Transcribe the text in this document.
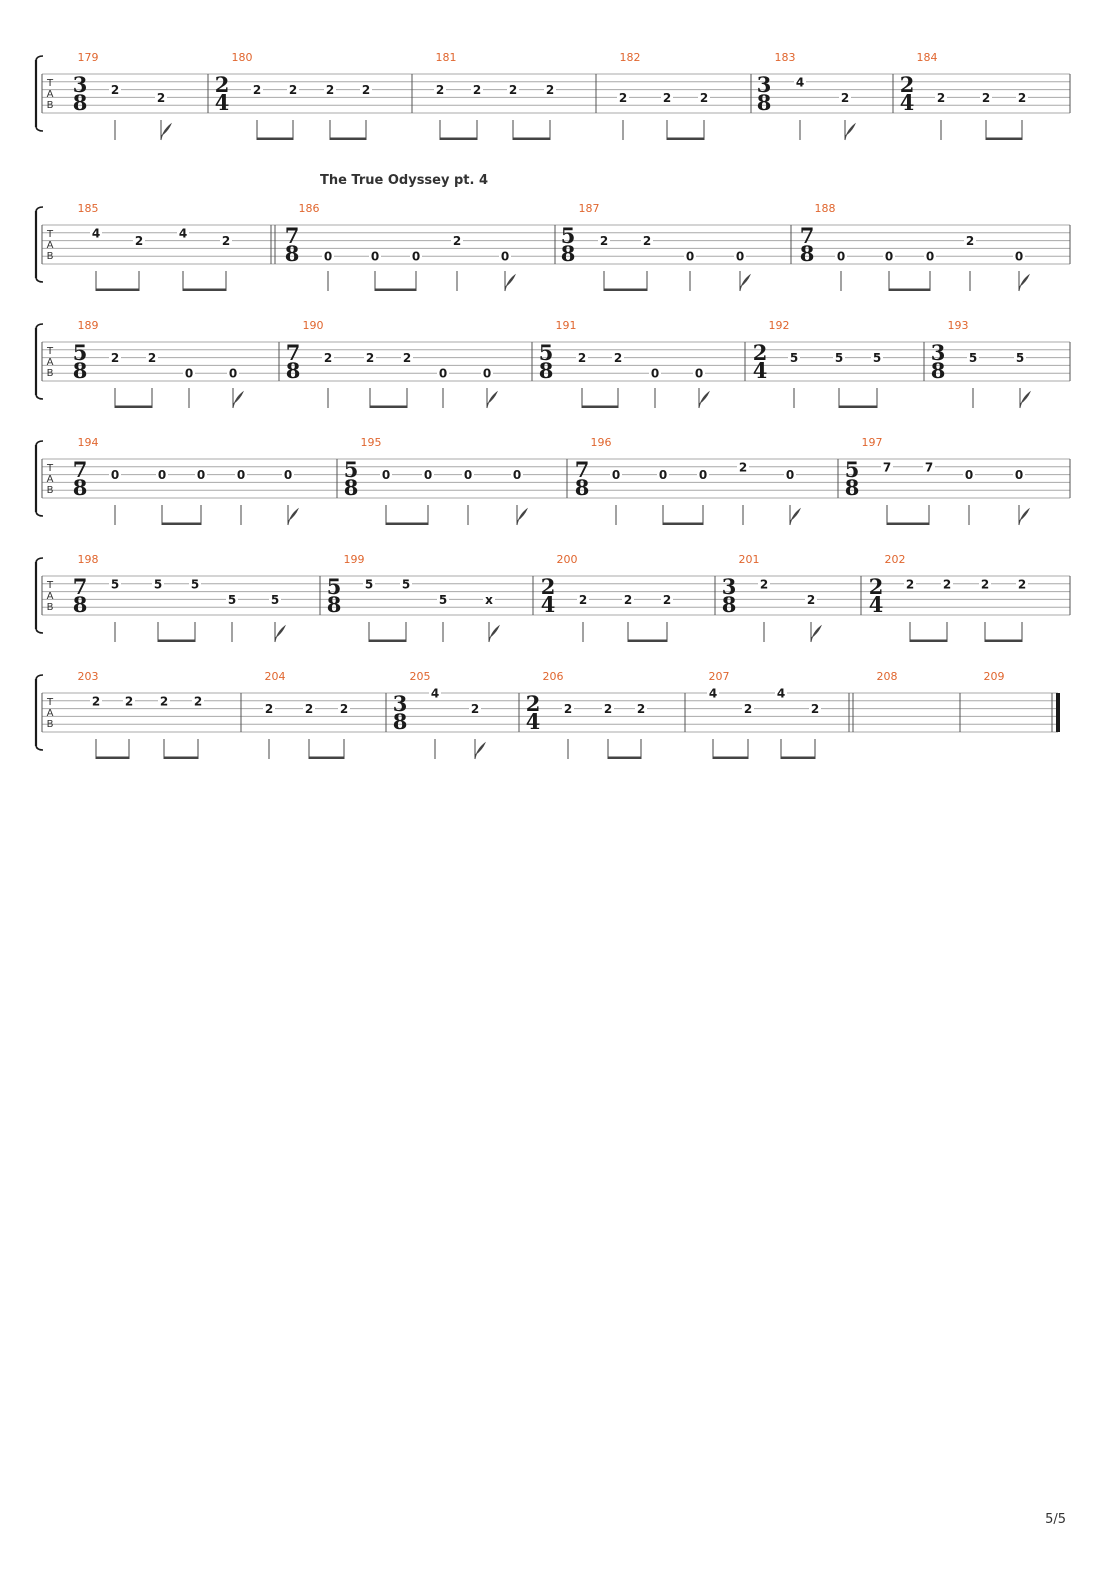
5/5
T
A
B
179
3
8 2
2
180
2
4 2 2 2 2
181
2 2 2 2
182
2	2 2
183
3
8
4
2
184
2
4 2	2 2
T
A
B
The True Odyssey pt. 4
185
4
2
4
2
186
7
8 0	0	0
2
0
187
5
8 2	2
0	0
188
7
8 0	0	0
2
0
T
A
B
189
5
8 2 2
0	0
190
7
8 2	2 2
0	0
191
5
8 2 2
0	0
192
2
4 5	5 5
193
3
8 5	5
T
A
B
194
7
8 0	0	0	0	0
195
5
8 0	0	0	0
196
7
8 0	0	0
2
0
197
5
8
7	7
0	0
T
A
B
198
7
8
5	5 5
5	5
199
5
8
5 5
5	x
200
2
4 2	2	2
201
3
8
2
2
202
2
4
2 2 2 2
T
A
B
203
2 2 2 2
204
2	2 2
205
3
8
4
2
206
2
4 2	2 2
207
4
2
4
2
208	209
